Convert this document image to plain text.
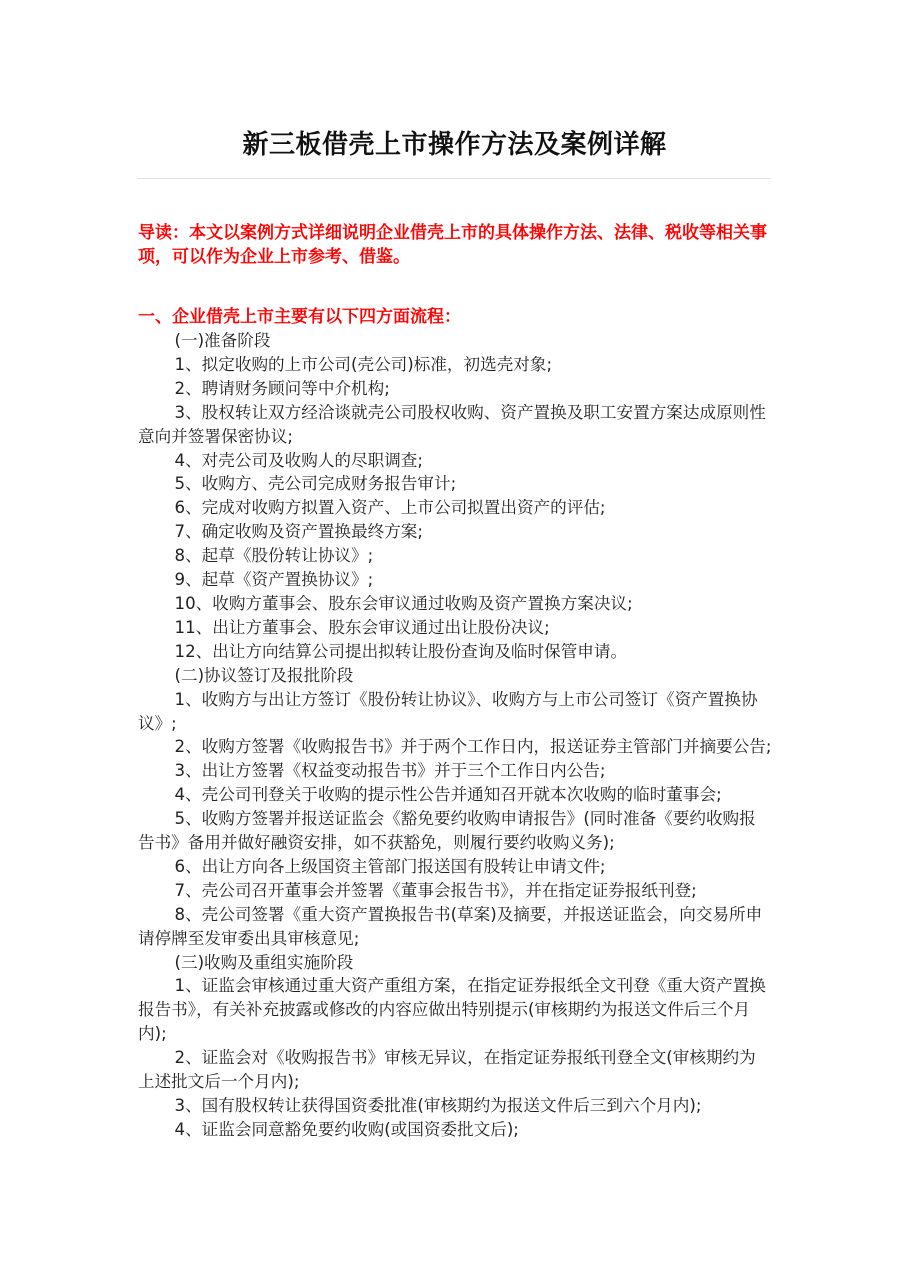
新三板借壳上市操作方法及案例详解

导读：本文以案例方式详细说明企业借壳上市的具体操作方法、法律、税收等相关事项，可以作为企业上市参考、借鉴。

一、企业借壳上市主要有以下四方面流程：

(一)准备阶段

1、拟定收购的上市公司(壳公司)标准，初选壳对象;

2、聘请财务顾问等中介机构;

3、股权转让双方经洽谈就壳公司股权收购、资产置换及职工安置方案达成原则性意向并签署保密协议;

4、对壳公司及收购人的尽职调查;

5、收购方、壳公司完成财务报告审计;

6、完成对收购方拟置入资产、上市公司拟置出资产的评估;

7、确定收购及资产置换最终方案;

8、起草《股份转让协议》;

9、起草《资产置换协议》;

10、收购方董事会、股东会审议通过收购及资产置换方案决议;

11、出让方董事会、股东会审议通过出让股份决议;

12、出让方向结算公司提出拟转让股份查询及临时保管申请。

(二)协议签订及报批阶段

1、收购方与出让方签订《股份转让协议》、收购方与上市公司签订《资产置换协议》;

2、收购方签署《收购报告书》并于两个工作日内，报送证券主管部门并摘要公告;

3、出让方签署《权益变动报告书》并于三个工作日内公告;

4、壳公司刊登关于收购的提示性公告并通知召开就本次收购的临时董事会;

5、收购方签署并报送证监会《豁免要约收购申请报告》(同时准备《要约收购报告书》备用并做好融资安排，如不获豁免，则履行要约收购义务);

6、出让方向各上级国资主管部门报送国有股转让申请文件;

7、壳公司召开董事会并签署《董事会报告书》，并在指定证券报纸刊登;

8、壳公司签署《重大资产置换报告书(草案)及摘要，并报送证监会，向交易所申请停牌至发审委出具审核意见;

(三)收购及重组实施阶段

1、证监会审核通过重大资产重组方案，在指定证券报纸全文刊登《重大资产置换报告书》，有关补充披露或修改的内容应做出特别提示(审核期约为报送文件后三个月内);

2、证监会对《收购报告书》审核无异议，在指定证券报纸刊登全文(审核期约为上述批文后一个月内);

3、国有股权转让获得国资委批准(审核期约为报送文件后三到六个月内);

4、证监会同意豁免要约收购(或国资委批文后);
